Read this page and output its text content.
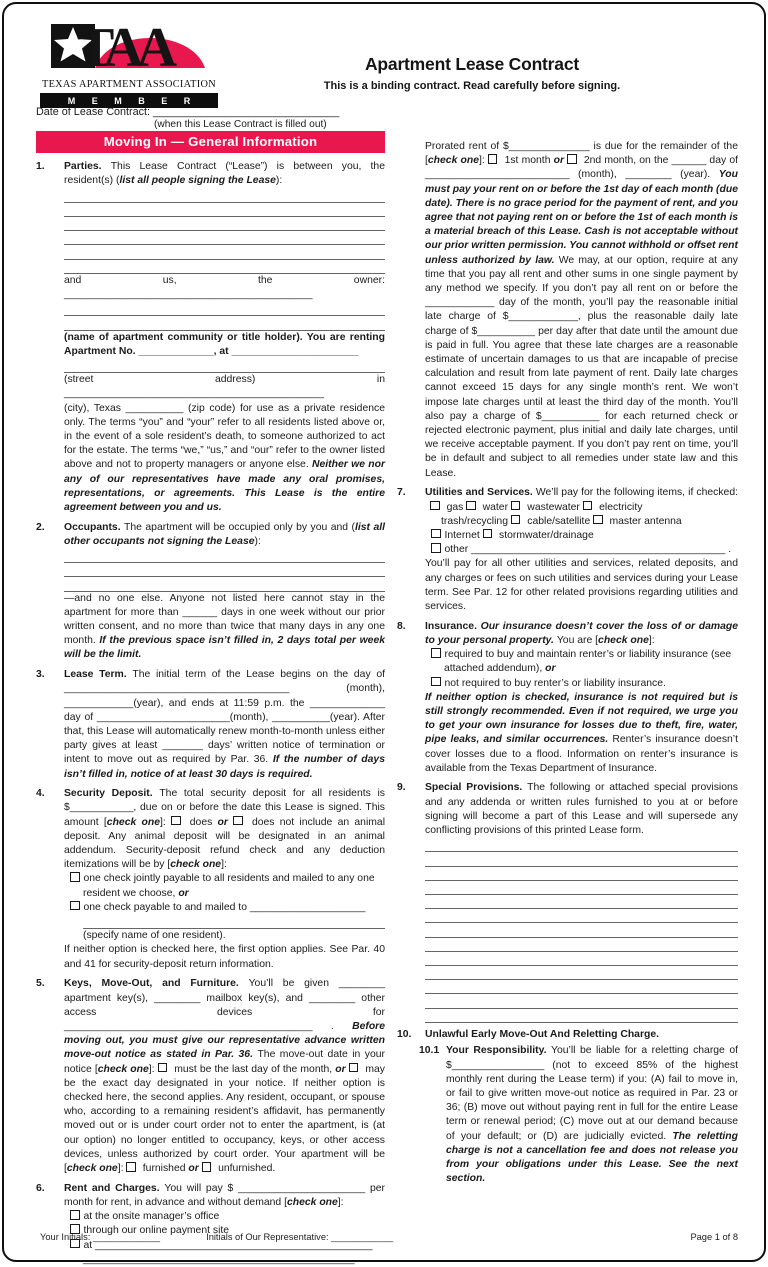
TAA
TEXAS APARTMENT ASSOCIATION
M E M B E R
Apartment Lease Contract
This is a binding contract. Read carefully before signing.
Date of Lease Contract: _______________________________
(when this Lease Contract is filled out)
Moving In — General Information
1. Parties. This Lease Contract (“Lease”) is between you, the resident(s) (list all people signing the Lease):
and us, the owner: ___________________________________________
(name of apartment community or title holder). You are renting Apartment No. _____________, at ______________________
(street address) in _____________________________________________
(city), Texas __________ (zip code) for use as a private residence only. The terms “you” and “your” refer to all residents listed above or, in the event of a sole resident’s death, to someone authorized to act for the estate. The terms “we,” “us,” and “our” refer to the owner listed above and not to property managers or anyone else. Neither we nor any of our representatives have made any oral promises, representations, or agreements. This Lease is the entire agreement between you and us.
2. Occupants. The apartment will be occupied only by you and (list all other occupants not signing the Lease):
—and no one else. Anyone not listed here cannot stay in the apartment for more than ______ days in one week without our prior written consent, and no more than twice that many days in any one month. If the previous space isn’t filled in, 2 days total per week will be the limit.
3. Lease Term. The initial term of the Lease begins on the day of _______________________________________ (month), ____________(year), and ends at 11:59 p.m. the _____________ day of _______________________(month), __________(year). After that, this Lease will automatically renew month-to-month unless either party gives at least _______ days’ written notice of termination or intent to move out as required by Par. 36. If the number of days isn’t filled in, notice of at least 30 days is required.
4. Security Deposit. The total security deposit for all residents is $___________, due on or before the date this Lease is signed. This amount [check one]:  does or  does not include an animal deposit. Any animal deposit will be designated in an animal addendum. Security-deposit refund check and any deduction itemizations will be by [check one]:
one check jointly payable to all residents and mailed to any one resident we choose, or
one check payable to and mailed to ____________________
(specify name of one resident).
If neither option is checked here, the first option applies. See Par. 40 and 41 for security-deposit return information.
5. Keys, Move-Out, and Furniture. You’ll be given ________ apartment key(s), ________ mailbox key(s), and ________ other access devices for ___________________________________________ . Before moving out, you must give our representative advance written move-out notice as stated in Par. 36. The move-out date in your notice [check one]:  must be the last day of the month, or  may be the exact day designated in your notice. If neither option is checked here, the second applies. Any resident, occupant, or spouse who, according to a remaining resident’s affidavit, has permanently moved out or is under court order not to enter the apartment, is (at our option) no longer entitled to occupancy, keys, or other access devices, unless authorized by court order. Your apartment will be [check one]:  furnished or  unfurnished.
6. Rent and Charges. You will pay $ ______________________ per month for rent, in advance and without demand [check one]:
at the onsite manager’s office
through our online payment site
at ________________________________________________
_______________________________________________ .
Prorated rent of $______________ is due for the remainder of the [check one]:  1st month or  2nd month, on the ______ day of _________________________ (month), ________ (year). You must pay your rent on or before the 1st day of each month (due date). There is no grace period for the payment of rent, and you agree that not paying rent on or before the 1st of each month is a material breach of this Lease. Cash is not acceptable without our prior written permission. You cannot withhold or offset rent unless authorized by law. We may, at our option, require at any time that you pay all rent and other sums in one single payment by any method we specify. If you don’t pay all rent on or before the ____________ day of the month, you’ll pay the reasonable initial late charge of $____________, plus the reasonable daily late charge of $__________ per day after that date until the amount due is paid in full. You agree that these late charges are a reasonable estimate of uncertain damages to us that are incapable of precise calculation and result from late payment of rent. Daily late charges cannot exceed 15 days for any single month’s rent. We won’t impose late charges until at least the third day of the month. You’ll also pay a charge of $__________ for each returned check or rejected electronic payment, plus initial and daily late charges, until we receive acceptable payment. If you don’t pay rent on time, you’ll be in default and subject to all remedies under state law and this Lease.
7. Utilities and Services. We’ll pay for the following items, if checked:   gas  water  wastewater  electricity
trash/recycling  cable/satellite  master antenna
Internet  stormwater/drainage
other ____________________________________________ .
You’ll pay for all other utilities and services, related deposits, and any charges or fees on such utilities and services during your Lease term. See Par. 12 for other related provisions regarding utilities and services.
8. Insurance. Our insurance doesn’t cover the loss of or damage to your personal property. You are [check one]:
required to buy and maintain renter’s or liability insurance (see attached addendum), or
not required to buy renter’s or liability insurance.
If neither option is checked, insurance is not required but is still strongly recommended. Even if not required, we urge you to get your own insurance for losses due to theft, fire, water, pipe leaks, and similar occurrences. Renter’s insurance doesn’t cover losses due to a flood. Information on renter’s insurance is available from the Texas Department of Insurance.
9. Special Provisions. The following or attached special provisions and any addenda or written rules furnished to you at or before signing will become a part of this Lease and will supersede any conflicting provisions of this printed Lease form.
10. Unlawful Early Move-Out And Reletting Charge.
10.1 Your Responsibility. You’ll be liable for a reletting charge of $________________ (not to exceed 85% of the highest monthly rent during the Lease term) if you: (A) fail to move in, or fail to give written move-out notice as required in Par. 23 or 36; (B) move out without paying rent in full for the entire Lease term or renewal period; (C) move out at our demand because of your default; or (D) are judicially evicted. The reletting charge is not a cancellation fee and does not release you from your obligations under this Lease. See the next section.
Your Initials: _____________	Initials of Our Representative: ____________	Page 1 of 8
